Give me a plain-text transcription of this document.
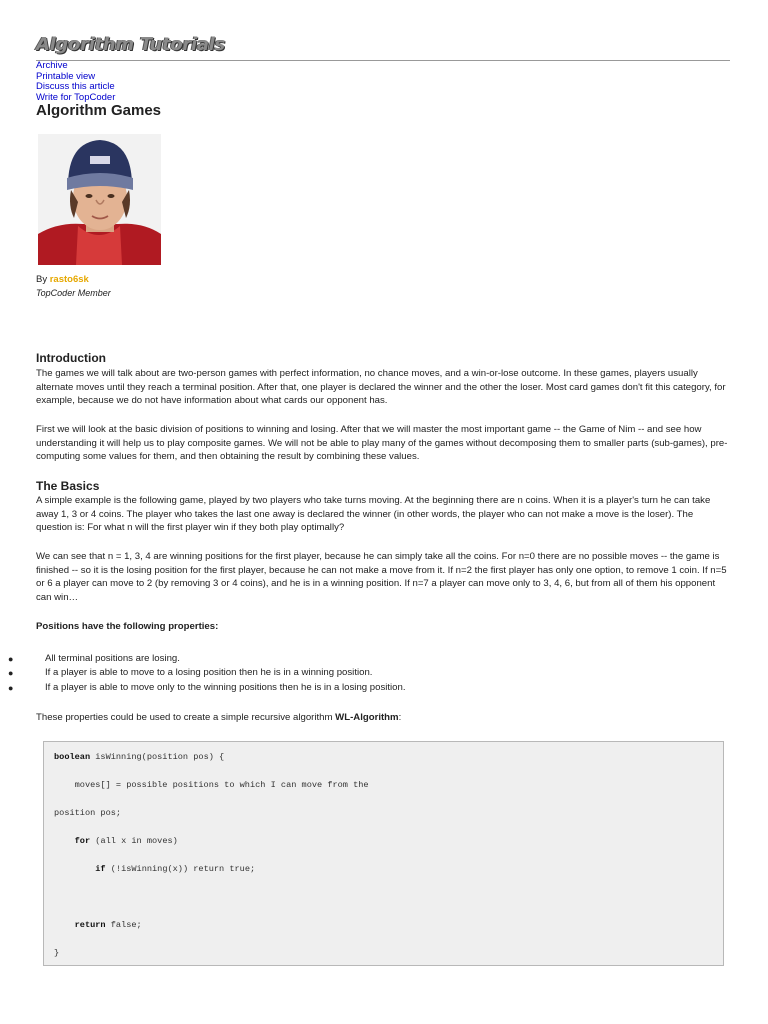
Algorithm Tutorials
Archive
Printable view
Discuss this article
Write for TopCoder
Algorithm Games
By rasto6sk
TopCoder Member
Introduction

The games we will talk about are two-person games with perfect information, no chance moves, and a win-or-lose outcome. In these games, players usually alternate moves until they reach a terminal position. After that, one player is declared the winner and the other the loser. Most card games don't fit this category, for example, because we do not have information about what cards our opponent has.

First we will look at the basic division of positions to winning and losing. After that we will master the most important game -- the Game of Nim -- and see how understanding it will help us to play composite games. We will not be able to play many of the games without decomposing them to smaller parts (sub-games), pre-computing some values for them, and then obtaining the result by combining these values.

The Basics

A simple example is the following game, played by two players who take turns moving. At the beginning there are n coins. When it is a player's turn he can take away 1, 3 or 4 coins. The player who takes the last one away is declared the winner (in other words, the player who can not make a move is the loser). The question is: For what n will the first player win if they both play optimally?

We can see that n = 1, 3, 4 are winning positions for the first player, because he can simply take all the coins. For n=0 there are no possible moves -- the game is finished -- so it is the losing position for the first player, because he can not make a move from it. If n=2 the first player has only one option, to remove 1 coin. If n=5 or 6 a player can move to 2 (by removing 3 or 4 coins), and he is in a winning position. If n=7 a player can move only to 3, 4, 6, but from all of them his opponent can win…

Positions have the following properties:

●	All terminal positions are losing.
●	If a player is able to move to a losing position then he is in a winning position.
●	If a player is able to move only to the winning positions then he is in a losing position.

These properties could be used to create a simple recursive algorithm WL-Algorithm:

boolean isWinning(position pos) {
moves[] = possible positions to which I can move from the
position pos;
for (all x in moves)
if (!isWinning(x)) return true;
return false;
}
